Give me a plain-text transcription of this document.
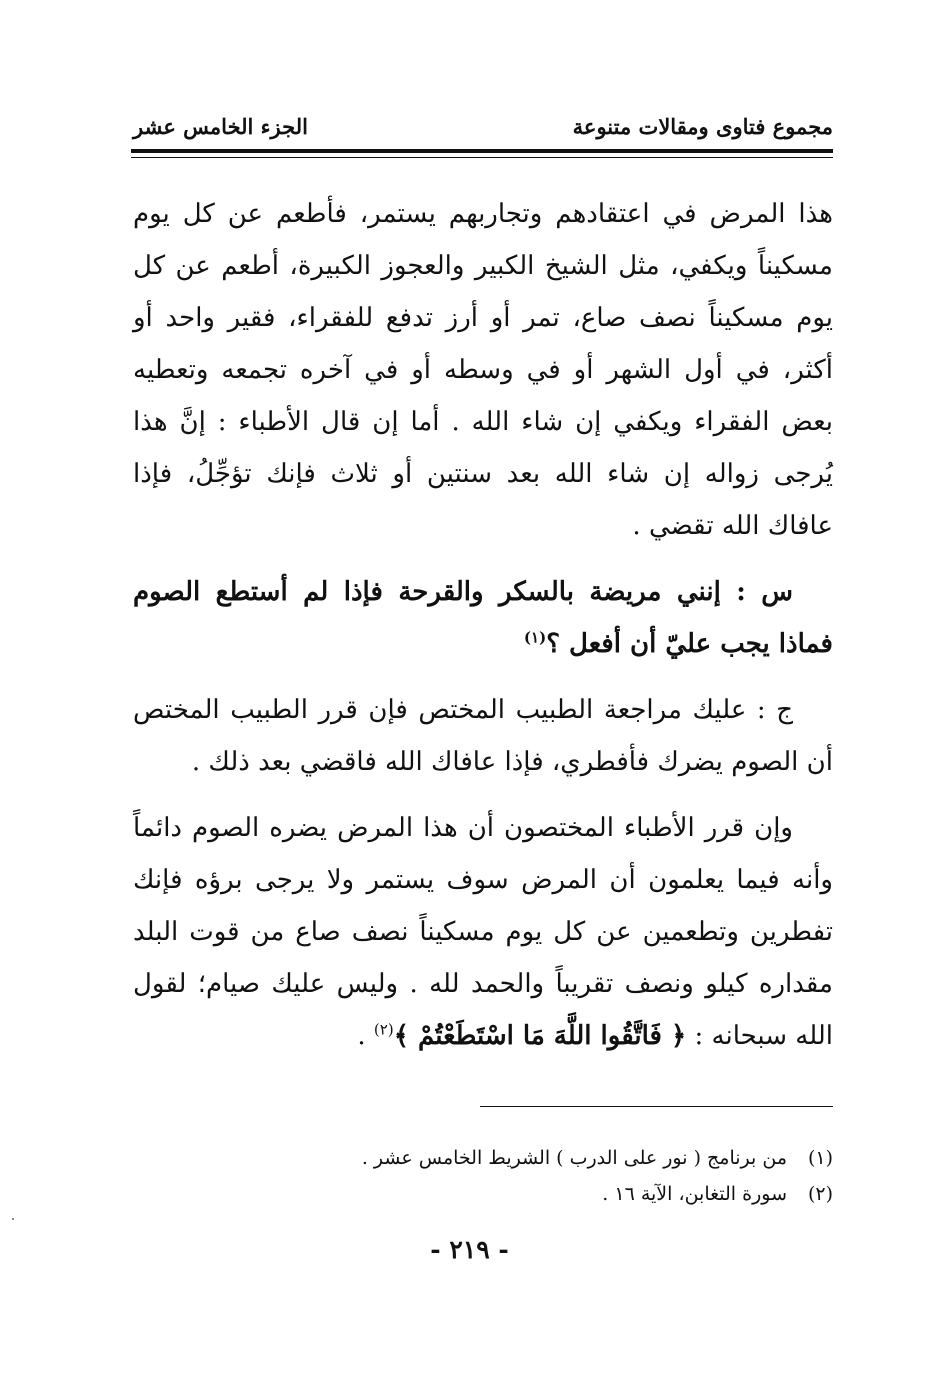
مجموع فتاوى ومقالات متنوعة
الجزء الخامس عشر

هذا المرض في اعتقادهم وتجاربهم يستمر، فأطعم عن كل يوم مسكيناً ويكفي، مثل الشيخ الكبير والعجوز الكبيرة، أطعم عن كل يوم مسكيناً نصف صاع، تمر أو أرز تدفع للفقراء، فقير واحد أو أكثر، في أول الشهر أو في وسطه أو في آخره تجمعه وتعطيه بعض الفقراء ويكفي إن شاء الله . أما إن قال الأطباء : إنَّ هذا يُرجى زواله إن شاء الله بعد سنتين أو ثلاث فإنك تؤجِّلُ، فإذا عافاك الله تقضي .

س : إنني مريضة بالسكر والقرحة فإذا لم أستطع الصوم فماذا يجب عليّ أن أفعل ؟$^{(١)}$

ج : عليك مراجعة الطبيب المختص فإن قرر الطبيب المختص أن الصوم يضرك فأفطري، فإذا عافاك الله فاقضي بعد ذلك .

وإن قرر الأطباء المختصون أن هذا المرض يضره الصوم دائماً وأنه فيما يعلمون أن المرض سوف يستمر ولا يرجى برؤه فإنك تفطرين وتطعمين عن كل يوم مسكيناً نصف صاع من قوت البلد مقداره كيلو ونصف تقريباً والحمد لله . وليس عليك صيام؛ لقول الله سبحانه : ﴿ فَاتَّقُوا اللَّهَ مَا اسْتَطَعْتُمْ ﴾$^{(٢)}$ .

(١)من برنامج ( نور على الدرب ) الشريط الخامس عشر .
(٢)سورة التغابن، الآية ١٦ .
- ٢١٩ -
